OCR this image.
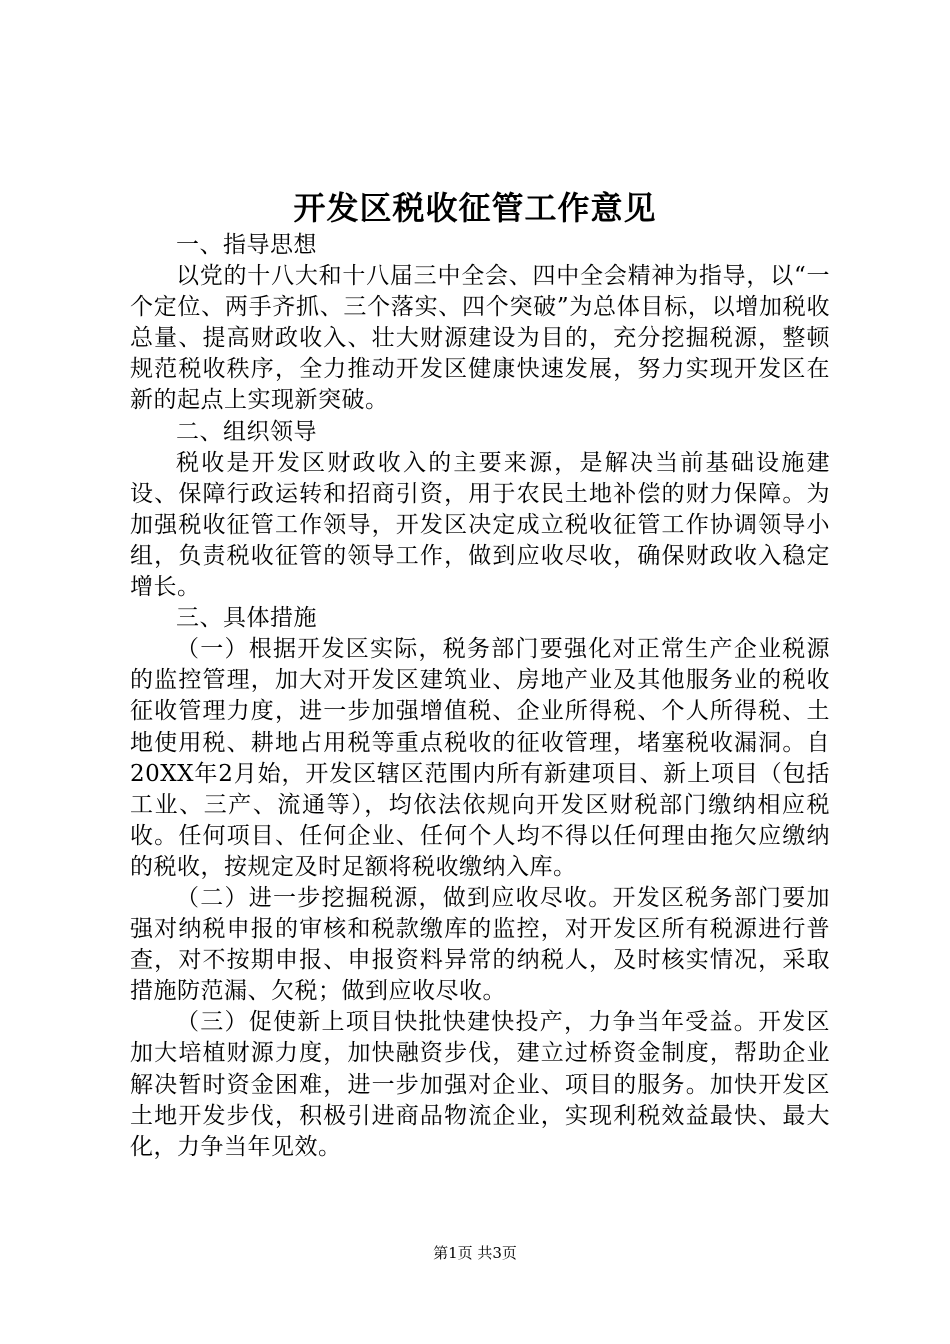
开发区税收征管工作意见

一、指导思想

以党的十八大和十八届三中全会、四中全会精神为指导，以“一个定位、两手齐抓、三个落实、四个突破”为总体目标，以增加税收总量、提高财政收入、壮大财源建设为目的，充分挖掘税源，整顿规范税收秩序，全力推动开发区健康快速发展，努力实现开发区在新的起点上实现新突破。

二、组织领导

税收是开发区财政收入的主要来源，是解决当前基础设施建设、保障行政运转和招商引资，用于农民土地补偿的财力保障。为加强税收征管工作领导，开发区决定成立税收征管工作协调领导小组，负责税收征管的领导工作，做到应收尽收，确保财政收入稳定增长。

三、具体措施

（一）根据开发区实际，税务部门要强化对正常生产企业税源的监控管理，加大对开发区建筑业、房地产业及其他服务业的税收征收管理力度，进一步加强增值税、企业所得税、个人所得税、土地使用税、耕地占用税等重点税收的征收管理，堵塞税收漏洞。自20XX年2月始，开发区辖区范围内所有新建项目、新上项目（包括工业、三产、流通等），均依法依规向开发区财税部门缴纳相应税收。任何项目、任何企业、任何个人均不得以任何理由拖欠应缴纳的税收，按规定及时足额将税收缴纳入库。

（二）进一步挖掘税源，做到应收尽收。开发区税务部门要加强对纳税申报的审核和税款缴库的监控，对开发区所有税源进行普查，对不按期申报、申报资料异常的纳税人，及时核实情况，采取措施防范漏、欠税；做到应收尽收。

（三）促使新上项目快批快建快投产，力争当年受益。开发区加大培植财源力度，加快融资步伐，建立过桥资金制度，帮助企业解决暂时资金困难，进一步加强对企业、项目的服务。加快开发区土地开发步伐，积极引进商品物流企业，实现利税效益最快、最大化，力争当年见效。

第1页 共3页
